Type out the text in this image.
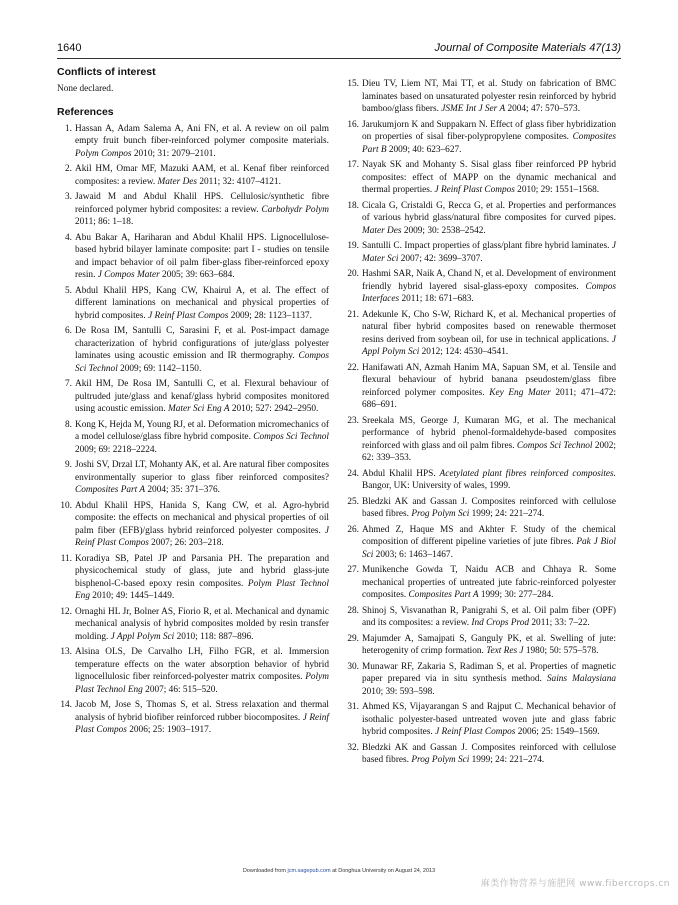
1640	Journal of Composite Materials 47(13)
Conflicts of interest

None declared.

References
1. Hassan A, Adam Salema A, Ani FN, et al. A review on oil palm empty fruit bunch fiber-reinforced polymer composite materials. Polym Compos 2010; 31: 2079–2101.
2. Akil HM, Omar MF, Mazuki AAM, et al. Kenaf fiber reinforced composites: a review. Mater Des 2011; 32: 4107–4121.
3. Jawaid M and Abdul Khalil HPS. Cellulosic/synthetic fibre reinforced polymer hybrid composites: a review. Carbohydr Polym 2011; 86: 1–18.
4. Abu Bakar A, Hariharan and Abdul Khalil HPS. Lignocellulose-based hybrid bilayer laminate composite: part I - studies on tensile and impact behavior of oil palm fiber-glass fiber-reinforced epoxy resin. J Compos Mater 2005; 39: 663–684.
5. Abdul Khalil HPS, Kang CW, Khairul A, et al. The effect of different laminations on mechanical and physical properties of hybrid composites. J Reinf Plast Compos 2009; 28: 1123–1137.
6. De Rosa IM, Santulli C, Sarasini F, et al. Post-impact damage characterization of hybrid configurations of jute/glass polyester laminates using acoustic emission and IR thermography. Compos Sci Technol 2009; 69: 1142–1150.
7. Akil HM, De Rosa IM, Santulli C, et al. Flexural behaviour of pultruded jute/glass and kenaf/glass hybrid composites monitored using acoustic emission. Mater Sci Eng A 2010; 527: 2942–2950.
8. Kong K, Hejda M, Young RJ, et al. Deformation micromechanics of a model cellulose/glass fibre hybrid composite. Compos Sci Technol 2009; 69: 2218–2224.
9. Joshi SV, Drzal LT, Mohanty AK, et al. Are natural fiber composites environmentally superior to glass fiber reinforced composites? Composites Part A 2004; 35: 371–376.
10. Abdul Khalil HPS, Hanida S, Kang CW, et al. Agro-hybrid composite: the effects on mechanical and physical properties of oil palm fiber (EFB)/glass hybrid reinforced polyester composites. J Reinf Plast Compos 2007; 26: 203–218.
11. Koradiya SB, Patel JP and Parsania PH. The preparation and physicochemical study of glass, jute and hybrid glass-jute bisphenol-C-based epoxy resin composites. Polym Plast Technol Eng 2010; 49: 1445–1449.
12. Ornaghi HL Jr, Bolner AS, Fiorio R, et al. Mechanical and dynamic mechanical analysis of hybrid composites molded by resin transfer molding. J Appl Polym Sci 2010; 118: 887–896.
13. Alsina OLS, De Carvalho LH, Filho FGR, et al. Immersion temperature effects on the water absorption behavior of hybrid lignocellulosic fiber reinforced-polyester matrix composites. Polym Plast Technol Eng 2007; 46: 515–520.
14. Jacob M, Jose S, Thomas S, et al. Stress relaxation and thermal analysis of hybrid biofiber reinforced rubber biocomposites. J Reinf Plast Compos 2006; 25: 1903–1917.
15. Dieu TV, Liem NT, Mai TT, et al. Study on fabrication of BMC laminates based on unsaturated polyester resin reinforced by hybrid bamboo/glass fibers. JSME Int J Ser A 2004; 47: 570–573.
16. Jarukumjorn K and Suppakarn N. Effect of glass fiber hybridization on properties of sisal fiber-polypropylene composites. Composites Part B 2009; 40: 623–627.
17. Nayak SK and Mohanty S. Sisal glass fiber reinforced PP hybrid composites: effect of MAPP on the dynamic mechanical and thermal properties. J Reinf Plast Compos 2010; 29: 1551–1568.
18. Cicala G, Cristaldi G, Recca G, et al. Properties and performances of various hybrid glass/natural fibre composites for curved pipes. Mater Des 2009; 30: 2538–2542.
19. Santulli C. Impact properties of glass/plant fibre hybrid laminates. J Mater Sci 2007; 42: 3699–3707.
20. Hashmi SAR, Naik A, Chand N, et al. Development of environment friendly hybrid layered sisal-glass-epoxy composites. Compos Interfaces 2011; 18: 671–683.
21. Adekunle K, Cho S-W, Richard K, et al. Mechanical properties of natural fiber hybrid composites based on renewable thermoset resins derived from soybean oil, for use in technical applications. J Appl Polym Sci 2012; 124: 4530–4541.
22. Hanifawati AN, Azmah Hanim MA, Sapuan SM, et al. Tensile and flexural behaviour of hybrid banana pseudostem/glass fibre reinforced polymer composites. Key Eng Mater 2011; 471–472: 686–691.
23. Sreekala MS, George J, Kumaran MG, et al. The mechanical performance of hybrid phenol-formaldehyde-based composites reinforced with glass and oil palm fibres. Compos Sci Technol 2002; 62: 339–353.
24. Abdul Khalil HPS. Acetylated plant fibres reinforced composites. Bangor, UK: University of wales, 1999.
25. Bledzki AK and Gassan J. Composites reinforced with cellulose based fibres. Prog Polym Sci 1999; 24: 221–274.
26. Ahmed Z, Haque MS and Akhter F. Study of the chemical composition of different pipeline varieties of jute fibres. Pak J Biol Sci 2003; 6: 1463–1467.
27. Munikenche Gowda T, Naidu ACB and Chhaya R. Some mechanical properties of untreated jute fabric-reinforced polyester composites. Composites Part A 1999; 30: 277–284.
28. Shinoj S, Visvanathan R, Panigrahi S, et al. Oil palm fiber (OPF) and its composites: a review. Ind Crops Prod 2011; 33: 7–22.
29. Majumder A, Samajpati S, Ganguly PK, et al. Swelling of jute: heterogenity of crimp formation. Text Res J 1980; 50: 575–578.
30. Munawar RF, Zakaria S, Radiman S, et al. Properties of magnetic paper prepared via in situ synthesis method. Sains Malaysiana 2010; 39: 593–598.
31. Ahmed KS, Vijayarangan S and Rajput C. Mechanical behavior of isothalic polyester-based untreated woven jute and glass fabric hybrid composites. J Reinf Plast Compos 2006; 25: 1549–1569.
32. Bledzki AK and Gassan J. Composites reinforced with cellulose based fibres. Prog Polym Sci 1999; 24: 221–274.
Downloaded from jcm.sagepub.com at Donghua University on August 24, 2013
麻类作物营养与施肥网 www.fibercrops.cn
